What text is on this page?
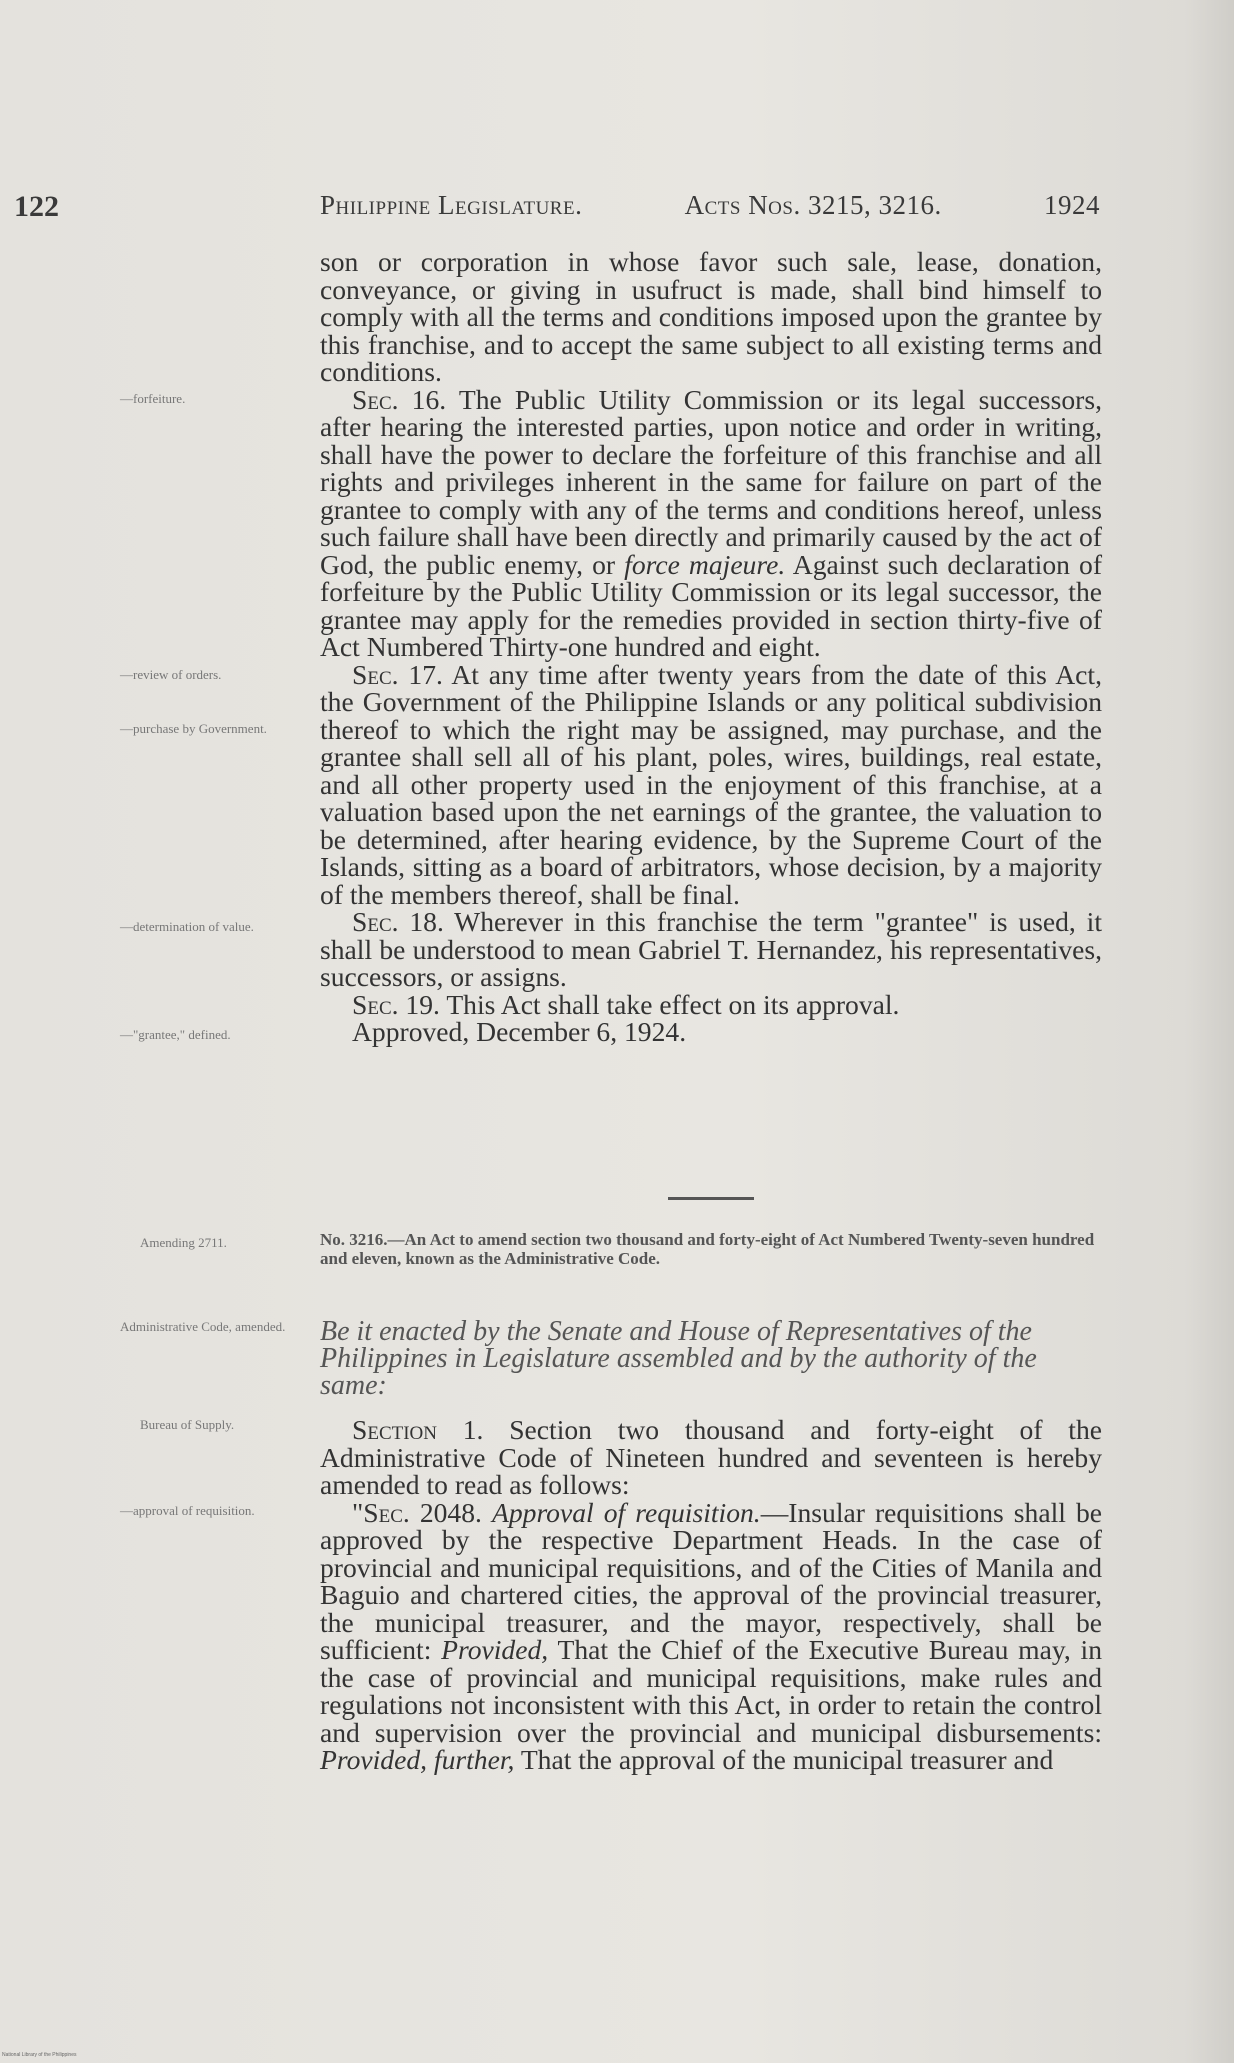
122	Philippine Legislature.	Acts Nos. 3215, 3216.	1924
—forfeiture.
—review of orders.
—purchase by Government.
—determination of value.
—"grantee," defined.
Amending 2711.
Administrative Code, amended.
Bureau of Supply.
—approval of requisition.

son or corporation in whose favor such sale, lease, donation, conveyance, or giving in usufruct is made, shall bind himself to comply with all the terms and conditions imposed upon the grantee by this franchise, and to accept the same subject to all existing terms and conditions.

Sec. 16. The Public Utility Commission or its legal successors, after hearing the interested parties, upon notice and order in writing, shall have the power to declare the forfeiture of this franchise and all rights and privileges inherent in the same for failure on part of the grantee to comply with any of the terms and conditions hereof, unless such failure shall have been directly and primarily caused by the act of God, the public enemy, or force majeure. Against such declaration of forfeiture by the Public Utility Commission or its legal successor, the grantee may apply for the remedies provided in section thirty-five of Act Numbered Thirty-one hundred and eight.

Sec. 17. At any time after twenty years from the date of this Act, the Government of the Philippine Islands or any political subdivision thereof to which the right may be assigned, may purchase, and the grantee shall sell all of his plant, poles, wires, buildings, real estate, and all other property used in the enjoyment of this franchise, at a valuation based upon the net earnings of the grantee, the valuation to be determined, after hearing evidence, by the Supreme Court of the Islands, sitting as a board of arbitrators, whose decision, by a majority of the members thereof, shall be final.

Sec. 18. Wherever in this franchise the term "grantee" is used, it shall be understood to mean Gabriel T. Hernandez, his representatives, successors, or assigns.

Sec. 19. This Act shall take effect on its approval.

Approved, December 6, 1924.

No. 3216.—An Act to amend section two thousand and forty-eight of Act Numbered Twenty-seven hundred and eleven, known as the Administrative Code.

Be it enacted by the Senate and House of Representatives of the Philippines in Legislature assembled and by the authority of the same:

Section 1. Section two thousand and forty-eight of the Administrative Code of Nineteen hundred and seventeen is hereby amended to read as follows:

"Sec. 2048. Approval of requisition.—Insular requisitions shall be approved by the respective Department Heads. In the case of provincial and municipal requisitions, and of the Cities of Manila and Baguio and chartered cities, the approval of the provincial treasurer, the municipal treasurer, and the mayor, respectively, shall be sufficient: Provided, That the Chief of the Executive Bureau may, in the case of provincial and municipal requisitions, make rules and regulations not inconsistent with this Act, in order to retain the control and supervision over the provincial and municipal disbursements: Provided, further, That the approval of the municipal treasurer and

National Library of the Philippines
